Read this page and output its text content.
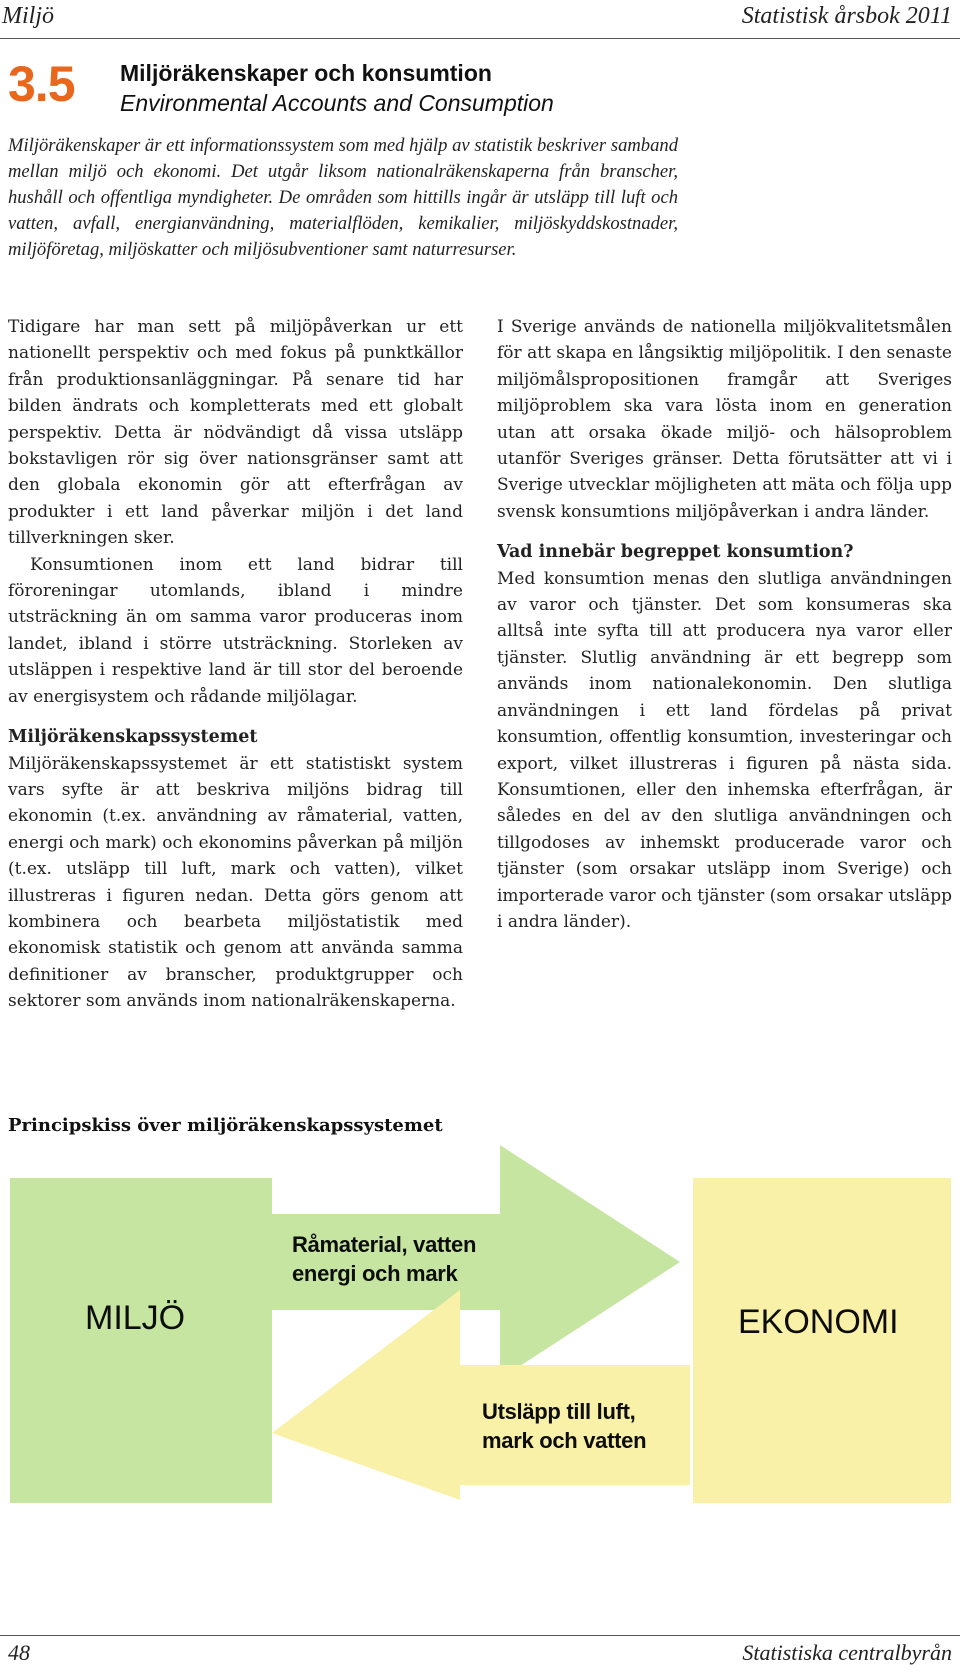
Miljö	Statistisk årsbok 2011
3.5 Miljöräkenskaper och konsumtion
Environmental Accounts and Consumption
Miljöräkenskaper är ett informationssystem som med hjälp av statistik beskriver samband mellan miljö och ekonomi. Det utgår liksom nationalräkenskaperna från branscher, hushåll och offentliga myndigheter. De områden som hittills ingår är utsläpp till luft och vatten, avfall, energianvändning, materialflöden, kemikalier, miljöskyddskostnader, miljöföretag, miljöskatter och miljösubventioner samt naturresurser.

Tidigare har man sett på miljöpåverkan ur ett nationellt perspektiv och med fokus på punktkällor från produktionsanläggningar. På senare tid har bilden ändrats och kompletterats med ett globalt perspektiv. Detta är nödvändigt då vissa utsläpp bokstavligen rör sig över nationsgränser samt att den globala ekonomin gör att efterfrågan av produkter i ett land påverkar miljön i det land tillverkningen sker.

Konsumtionen inom ett land bidrar till föroreningar utomlands, ibland i mindre utsträckning än om samma varor produceras inom landet, ibland i större utsträckning. Storleken av utsläppen i respektive land är till stor del beroende av energisystem och rådande miljölagar.

Miljöräkenskapssystemet

Miljöräkenskapssystemet är ett statistiskt system vars syfte är att beskriva miljöns bidrag till ekonomin (t.ex. användning av råmaterial, vatten, energi och mark) och ekonomins påverkan på miljön (t.ex. utsläpp till luft, mark och vatten), vilket illustreras i figuren nedan. Detta görs genom att kombinera och bearbeta miljöstatistik med ekonomisk statistik och genom att använda samma definitioner av branscher, produktgrupper och sektorer som används inom nationalräkenskaperna.

I Sverige används de nationella miljökvalitetsmålen för att skapa en långsiktig miljöpolitik. I den senaste miljömålspropositionen framgår att Sveriges miljöproblem ska vara lösta inom en generation utan att orsaka ökade miljö- och hälsoproblem utanför Sveriges gränser. Detta förutsätter att vi i Sverige utvecklar möjligheten att mäta och följa upp svensk konsumtions miljöpåverkan i andra länder.

Vad innebär begreppet konsumtion?

Med konsumtion menas den slutliga användningen av varor och tjänster. Det som konsumeras ska alltså inte syfta till att producera nya varor eller tjänster. Slutlig användning är ett begrepp som används inom nationalekonomin. Den slutliga användningen i ett land fördelas på privat konsumtion, offentlig konsumtion, investeringar och export, vilket illustreras i figuren på nästa sida. Konsumtionen, eller den inhemska efterfrågan, är således en del av den slutliga användningen och tillgodoses av inhemskt producerade varor och tjänster (som orsakar utsläpp inom Sverige) och importerade varor och tjänster (som orsakar utsläpp i andra länder).

Principskiss över miljöräkenskapssystemet
MILJÖ	EKONOMI
Råmaterial, vatten energi och mark
Utsläpp till luft, mark och vatten
48	Statistiska centralbyrån
